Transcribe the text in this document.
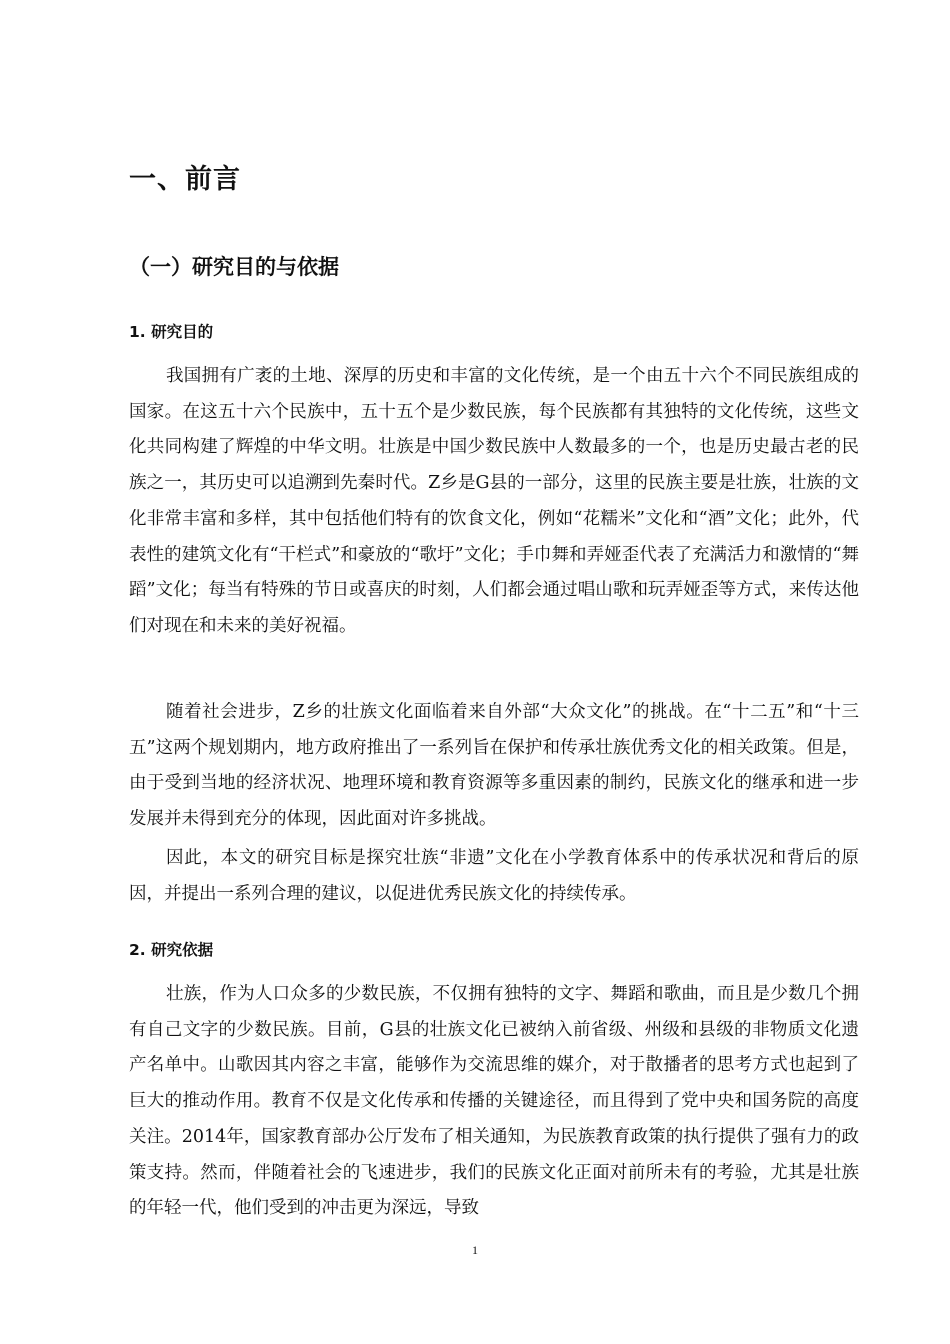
一、前言
（一）研究目的与依据
1. 研究目的

我国拥有广袤的土地、深厚的历史和丰富的文化传统，是一个由五十六个不同民族组成的国家。在这五十六个民族中，五十五个是少数民族，每个民族都有其独特的文化传统，这些文化共同构建了辉煌的中华文明。壮族是中国少数民族中人数最多的一个，也是历史最古老的民族之一，其历史可以追溯到先秦时代。Z乡是G县的一部分，这里的民族主要是壮族，壮族的文化非常丰富和多样，其中包括他们特有的饮食文化，例如“花糯米”文化和“酒”文化；此外，代表性的建筑文化有“干栏式”和豪放的“歌圩”文化；手巾舞和弄娅歪代表了充满活力和激情的“舞蹈”文化；每当有特殊的节日或喜庆的时刻，人们都会通过唱山歌和玩弄娅歪等方式，来传达他们对现在和未来的美好祝福。

随着社会进步，Z乡的壮族文化面临着来自外部“大众文化”的挑战。在“十二五”和“十三五”这两个规划期内，地方政府推出了一系列旨在保护和传承壮族优秀文化的相关政策。但是，由于受到当地的经济状况、地理环境和教育资源等多重因素的制约，民族文化的继承和进一步发展并未得到充分的体现，因此面对许多挑战。

因此，本文的研究目标是探究壮族“非遗”文化在小学教育体系中的传承状况和背后的原因，并提出一系列合理的建议，以促进优秀民族文化的持续传承。

2. 研究依据

壮族，作为人口众多的少数民族，不仅拥有独特的文字、舞蹈和歌曲，而且是少数几个拥有自己文字的少数民族。目前，G县的壮族文化已被纳入前省级、州级和县级的非物质文化遗产名单中。山歌因其内容之丰富，能够作为交流思维的媒介，对于散播者的思考方式也起到了巨大的推动作用。教育不仅是文化传承和传播的关键途径，而且得到了党中央和国务院的高度关注。2014年，国家教育部办公厅发布了相关通知，为民族教育政策的执行提供了强有力的政策支持。然而，伴随着社会的飞速进步，我们的民族文化正面对前所未有的考验，尤其是壮族的年轻一代，他们受到的冲击更为深远，导致

1
